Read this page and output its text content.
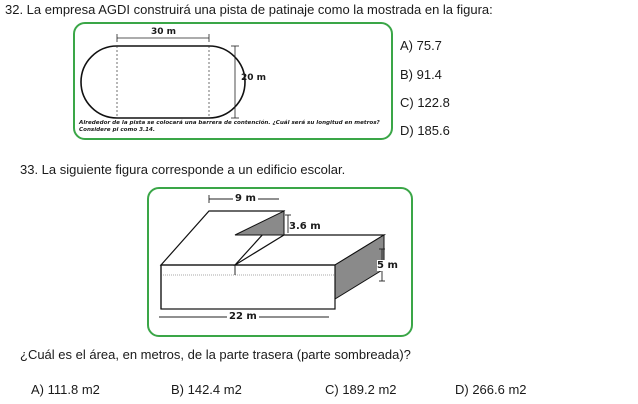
32. La empresa AGDI construirá una pista de patinaje como la mostrada en la figura:
30 m
20 m
Alrededor de la pista se colocará una barrera de contención. ¿Cuál será su longitud en metros?
Considere pi como 3.14.
A) 75.7
B) 91.4
C) 122.8
D) 185.6
33. La siguiente figura corresponde a un edificio escolar.
9 m
3.6 m
5 m
22 m
¿Cuál es el área, en metros, de la parte trasera (parte sombreada)?
A) 111.8 m2	B) 142.4 m2	C) 189.2 m2	D) 266.6 m2
